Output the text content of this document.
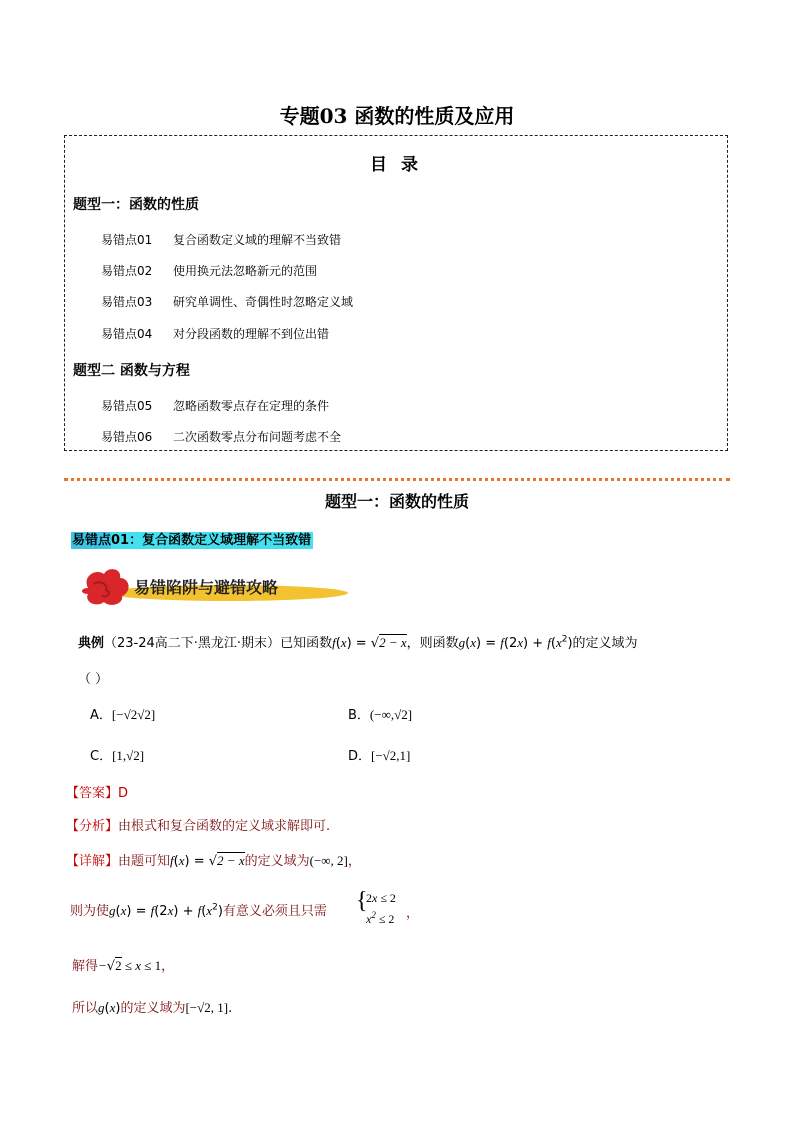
专题03 函数的性质及应用
目 录
题型一：函数的性质
易错点01 复合函数定义域的理解不当致错
易错点02 使用换元法忽略新元的范围
易错点03 研究单调性、奇偶性时忽略定义域
易错点04 对分段函数的理解不到位出错
题型二 函数与方程
易错点05 忽略函数零点存在定理的条件
易错点06 二次函数零点分布问题考虑不全
题型一：函数的性质
易错点01：复合函数定义域理解不当致错
易错陷阱与避错攻略
典例（23-24高二下·黑龙江·期末）已知函数f(x) = √2 − x，则函数$g(x) = f(2x) + f(x^2)$的定义域为
（ ）
A．[−√2√2]	B．(−∞,√2]
C．[1,√2]	D．[−√2,1]
【答案】D
【分析】由根式和复合函数的定义域求解即可.
【详解】由题可知f(x) = √2 − x的定义域为(−∞, 2]，
则为使$g(x) = f(2x) + f(x^2)$有意义必须且只需 {
2x ≤ 2
$x^2 \le 2$ ，
解得−√2 ≤ x ≤ 1，
所以g(x)的定义域为[−√2, 1].
